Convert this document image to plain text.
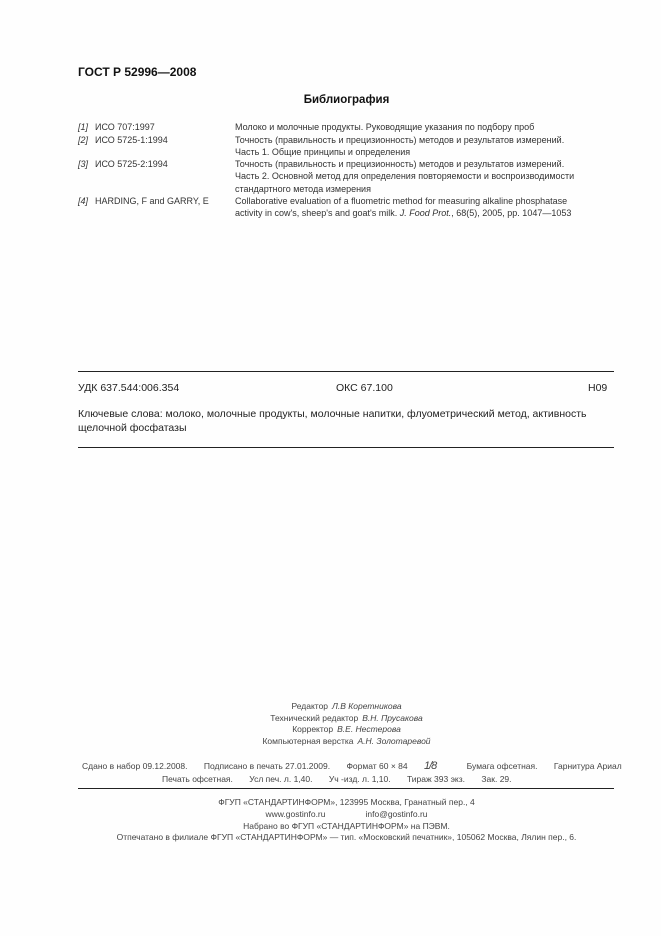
ГОСТ Р 52996—2008
Библиография
[1] ИСО 707:1997	Молоко и молочные продукты. Руководящие указания по подбору проб
[2] ИСО 5725-1:1994	Точность (правильность и прецизионность) методов и результатов измерений.
Часть 1. Общие принципы и определения
[3] ИСО 5725-2:1994	Точность (правильность и прецизионность) методов и результатов измерений.
Часть 2. Основной метод для определения повторяемости и воспроизводимости
стандартного метода измерения
[4] HARDING, F and GARRY, E	Collaborative evaluation of a fluometric method for measuring alkaline phosphatase
activity in cow's, sheep's and goat's milk. J. Food Prot., 68(5), 2005, pp. 1047—1053
УДК 637.544:006.354	ОКС 67.100	Н09
Ключевые слова: молоко, молочные продукты, молочные напитки, флуометрический метод, активность щелочной фосфатазы
Редактор Л.В Коретникова
Технический редактор В.Н. Прусакова
Корректор В.Е. Нестерова
Компьютерная верстка А.Н. Золотаревой
Сдано в набор 09.12.2008. Подписано в печать 27.01.2009. Формат 60 × 84 1/8	Бумага офсетная. Гарнитура Ариал
Печать офсетная. Усл печ. л. 1,40. Уч -изд. л. 1,10. Тираж 393 экз. Зак. 29.
ФГУП «СТАНДАРТИНФОРМ», 123995 Москва, Гранатный пер., 4
www.gostinfo.ru	info@gostinfo.ru
Набрано во ФГУП «СТАНДАРТИНФОРМ» на ПЭВМ.
Отпечатано в филиале ФГУП «СТАНДАРТИНФОРМ» — тип. «Московский печатник», 105062 Москва, Лялин пер., 6.
